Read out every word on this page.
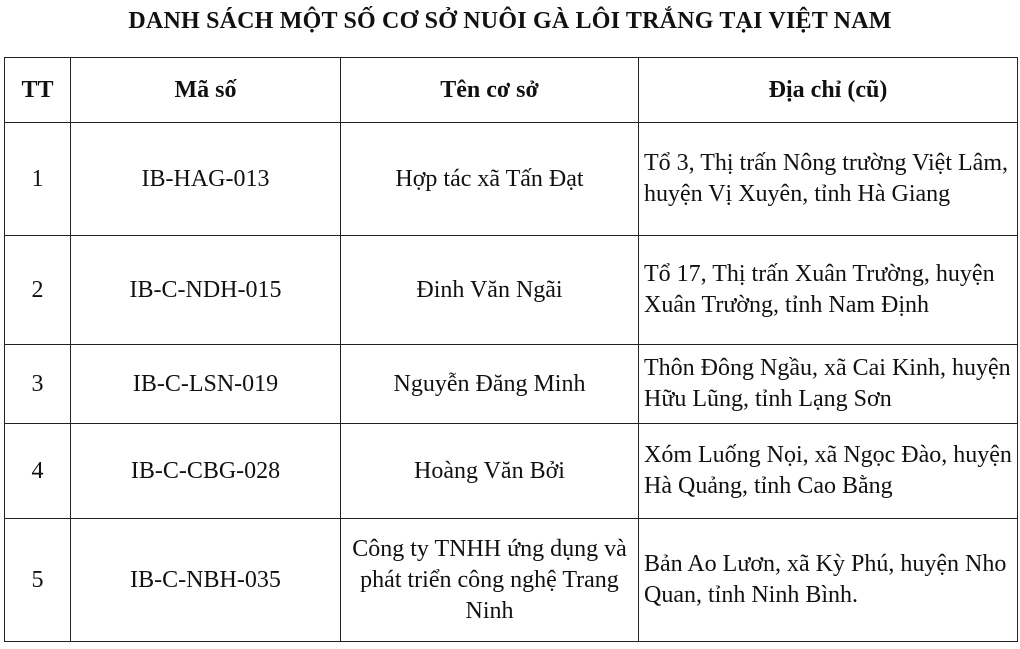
DANH SÁCH MỘT SỐ CƠ SỞ NUÔI GÀ LÔI TRẮNG TẠI VIỆT NAM
TT	Mã số	Tên cơ sở	Địa chỉ (cũ)
1	IB-HAG-013	Hợp tác xã Tấn Đạt	Tổ 3, Thị trấn Nông trường Việt Lâm, huyện Vị Xuyên, tỉnh Hà Giang
2	IB-C-NDH-015	Đinh Văn Ngãi	Tổ 17, Thị trấn Xuân Trường, huyện Xuân Trường, tỉnh Nam Định
3	IB-C-LSN-019	Nguyễn Đăng Minh	Thôn Đông Ngầu, xã Cai Kinh, huyện Hữu Lũng, tỉnh Lạng Sơn
4	IB-C-CBG-028	Hoàng Văn Bởi	Xóm Luống Nọi, xã Ngọc Đào, huyện Hà Quảng, tỉnh Cao Bằng
5	IB-C-NBH-035	Công ty TNHH ứng dụng và phát triển công nghệ Trang Ninh	Bản Ao Lươn, xã Kỳ Phú, huyện Nho Quan, tỉnh Ninh Bình.
